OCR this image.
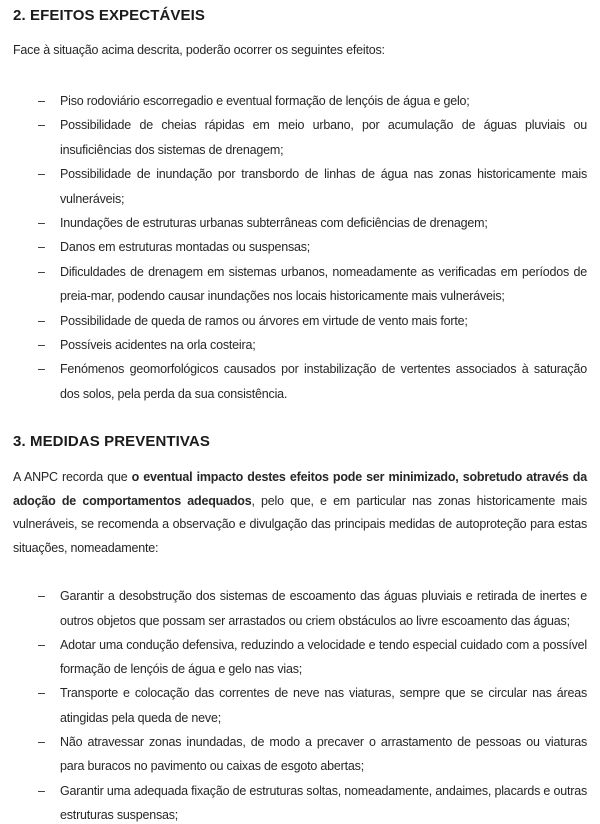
2. EFEITOS EXPECTÁVEIS

Face à situação acima descrita, poderão ocorrer os seguintes efeitos:

– Piso rodoviário escorregadio e eventual formação de lençóis de água e gelo;
– Possibilidade de cheias rápidas em meio urbano, por acumulação de águas pluviais ou insuficiências dos sistemas de drenagem;
– Possibilidade de inundação por transbordo de linhas de água nas zonas historicamente mais vulneráveis;
– Inundações de estruturas urbanas subterrâneas com deficiências de drenagem;
– Danos em estruturas montadas ou suspensas;
– Dificuldades de drenagem em sistemas urbanos, nomeadamente as verificadas em períodos de preia-mar, podendo causar inundações nos locais historicamente mais vulneráveis;
– Possibilidade de queda de ramos ou árvores em virtude de vento mais forte;
– Possíveis acidentes na orla costeira;
– Fenómenos geomorfológicos causados por instabilização de vertentes associados à saturação dos solos, pela perda da sua consistência.
3. MEDIDAS PREVENTIVAS

A ANPC recorda que o eventual impacto destes efeitos pode ser minimizado, sobretudo através da adoção de comportamentos adequados, pelo que, e em particular nas zonas historicamente mais vulneráveis, se recomenda a observação e divulgação das principais medidas de autoproteção para estas situações, nomeadamente:

– Garantir a desobstrução dos sistemas de escoamento das águas pluviais e retirada de inertes e outros objetos que possam ser arrastados ou criem obstáculos ao livre escoamento das águas;
– Adotar uma condução defensiva, reduzindo a velocidade e tendo especial cuidado com a possível formação de lençóis de água e gelo nas vias;
– Transporte e colocação das correntes de neve nas viaturas, sempre que se circular nas áreas atingidas pela queda de neve;
– Não atravessar zonas inundadas, de modo a precaver o arrastamento de pessoas ou viaturas para buracos no pavimento ou caixas de esgoto abertas;
– Garantir uma adequada fixação de estruturas soltas, nomeadamente, andaimes, placards e outras estruturas suspensas;
